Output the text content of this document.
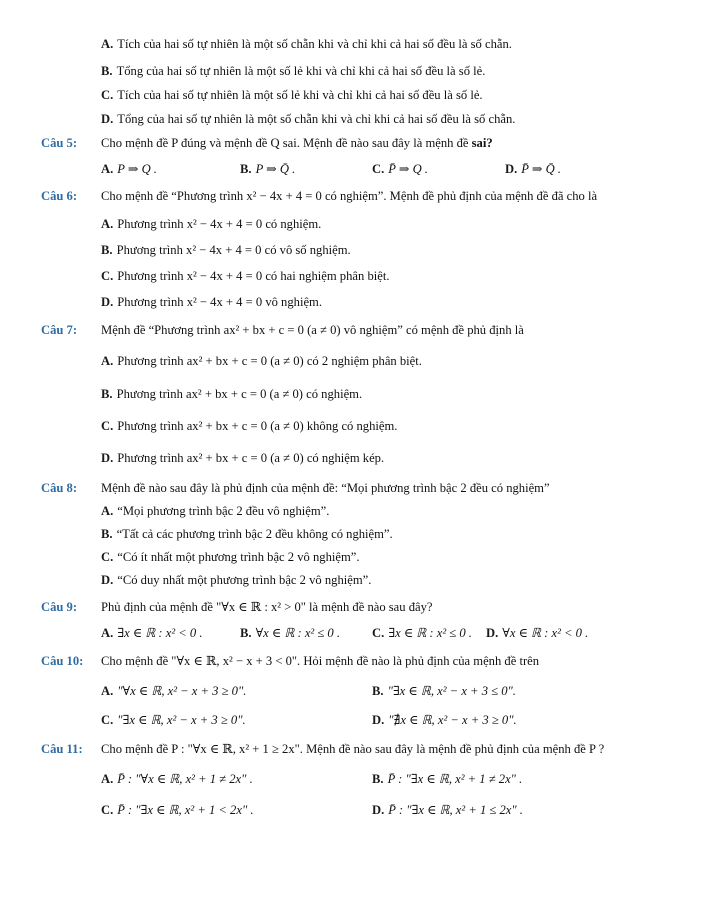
A. Tích của hai số tự nhiên là một số chẵn khi và chỉ khi cả hai số đều là số chẵn.
B. Tổng của hai số tự nhiên là một số lẻ khi và chỉ khi cả hai số đều là số lẻ.
C. Tích của hai số tự nhiên là một số lẻ khi và chỉ khi cả hai số đều là số lẻ.
D. Tổng của hai số tự nhiên là một số chẵn khi và chỉ khi cả hai số đều là số chẵn.
Câu 5: Cho mệnh đề P đúng và mệnh đề Q sai. Mệnh đề nào sau đây là mệnh đề sai?
A. P ⇒ Q .	B. P ⇒ Q̄ .	C. P̄ ⇒ Q .	D. P̄ ⇒ Q̄ .
Câu 6: Cho mệnh đề “Phương trình x² − 4x + 4 = 0 có nghiệm”. Mệnh đề phủ định của mệnh đề đã cho là
A. Phương trình x² − 4x + 4 = 0 có nghiệm.
B. Phương trình x² − 4x + 4 = 0 có vô số nghiệm.
C. Phương trình x² − 4x + 4 = 0 có hai nghiệm phân biệt.
D. Phương trình x² − 4x + 4 = 0 vô nghiệm.
Câu 7: Mệnh đề “Phương trình ax² + bx + c = 0 (a ≠ 0) vô nghiệm” có mệnh đề phủ định là
A. Phương trình ax² + bx + c = 0 (a ≠ 0) có 2 nghiệm phân biệt.
B. Phương trình ax² + bx + c = 0 (a ≠ 0) có nghiệm.
C. Phương trình ax² + bx + c = 0 (a ≠ 0) không có nghiệm.
D. Phương trình ax² + bx + c = 0 (a ≠ 0) có nghiệm kép.
Câu 8: Mệnh đề nào sau đây là phủ định của mệnh đề: “Mọi phương trình bậc 2 đều có nghiệm”
A. “Mọi phương trình bậc 2 đều vô nghiệm”.
B. “Tất cả các phương trình bậc 2 đều không có nghiệm”.
C. “Có ít nhất một phương trình bậc 2 vô nghiệm”.
D. “Có duy nhất một phương trình bậc 2 vô nghiệm”.
Câu 9: Phủ định của mệnh đề "∀x ∈ ℝ : x² > 0" là mệnh đề nào sau đây?
A. ∃x ∈ ℝ : x² < 0 .	B. ∀x ∈ ℝ : x² ≤ 0 .	C. ∃x ∈ ℝ : x² ≤ 0 . D. ∀x ∈ ℝ : x² < 0 .
Câu 10: Cho mệnh đề "∀x ∈ ℝ, x² − x + 3 < 0". Hỏi mệnh đề nào là phủ định của mệnh đề trên
A. "∀x ∈ ℝ, x² − x + 3 ≥ 0".	B. "∃x ∈ ℝ, x² − x + 3 ≤ 0".
C. "∃x ∈ ℝ, x² − x + 3 ≥ 0".	D. "∄x ∈ ℝ, x² − x + 3 ≥ 0".
Câu 11: Cho mệnh đề P : "∀x ∈ ℝ, x² + 1 ≥ 2x". Mệnh đề nào sau đây là mệnh đề phủ định của mệnh đề P ?
A. P̄ : "∀x ∈ ℝ, x² + 1 ≠ 2x" .	B. P̄ : "∃x ∈ ℝ, x² + 1 ≠ 2x" .
C. P̄ : "∃x ∈ ℝ, x² + 1 < 2x" .	D. P̄ : "∃x ∈ ℝ, x² + 1 ≤ 2x" .
